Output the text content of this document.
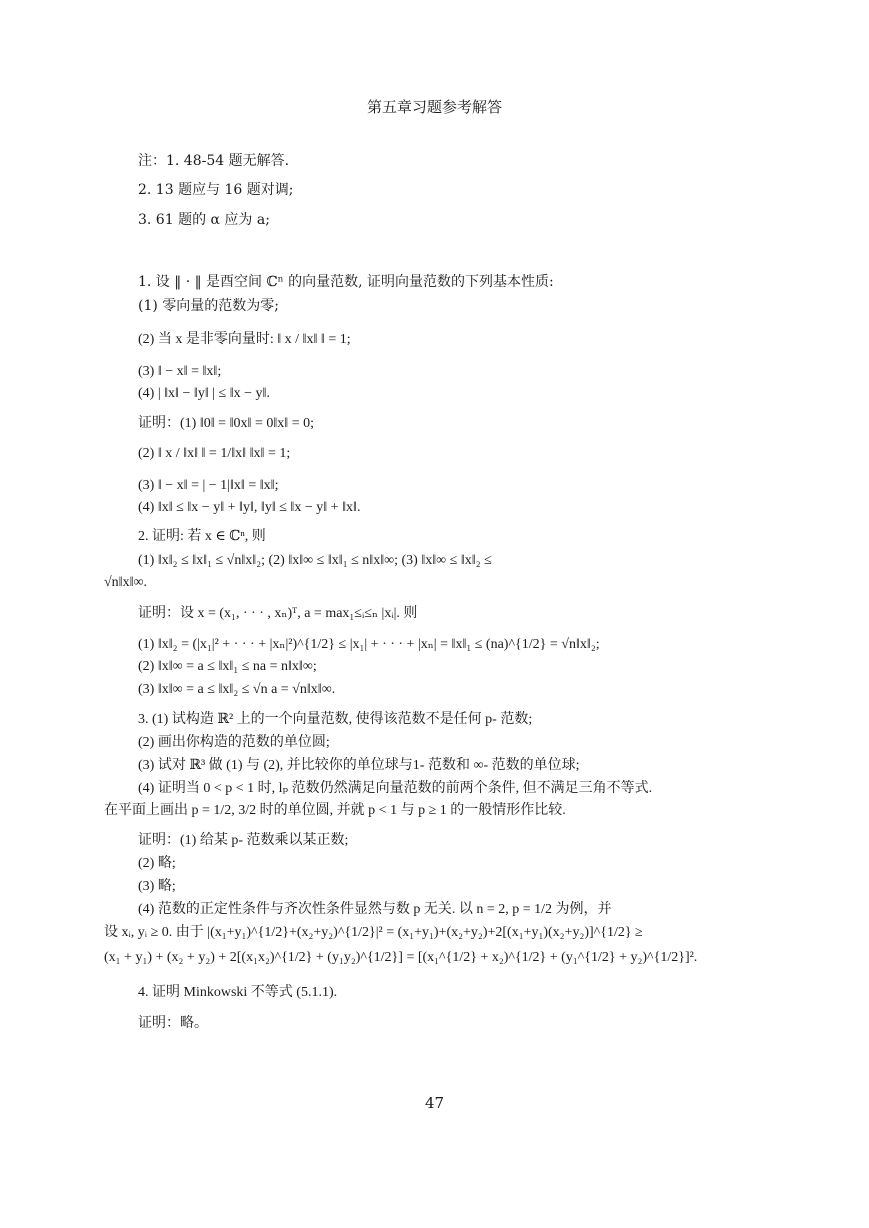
第五章习题参考解答
注：1. 48-54 题无解答.
2. 13 题应与 16 题对调;
3. 61 题的 α 应为 a;
1. 设 ‖ · ‖ 是酉空间 ℂⁿ 的向量范数, 证明向量范数的下列基本性质:
(1) 零向量的范数为零;
(2) 当 x 是非零向量时: ‖ x / ‖x‖ ‖ = 1;
(3) ‖ − x‖ = ‖x‖;
(4) | ‖x‖ − ‖y‖ | ≤ ‖x − y‖.
证明：(1) ‖0‖ = ‖0x‖ = 0‖x‖ = 0;
(2) ‖ x / ‖x‖ ‖ = 1/‖x‖ ‖x‖ = 1;
(3) ‖ − x‖ = | − 1|‖x‖ = ‖x‖;
(4) ‖x‖ ≤ ‖x − y‖ + ‖y‖, ‖y‖ ≤ ‖x − y‖ + ‖x‖.
2. 证明: 若 x ∈ ℂⁿ, 则
(1) ‖x‖₂ ≤ ‖x‖₁ ≤ √n‖x‖₂; (2) ‖x‖∞ ≤ ‖x‖₁ ≤ n‖x‖∞; (3) ‖x‖∞ ≤ ‖x‖₂ ≤
√n‖x‖∞.
证明：设 x = (x₁, · · · , xₙ)ᵀ, a = max₁≤ᵢ≤ₙ |xᵢ|. 则
(1) ‖x‖₂ = (|x₁|² + · · · + |xₙ|²)^{1/2} ≤ |x₁| + · · · + |xₙ| = ‖x‖₁ ≤ (na)^{1/2} = √n‖x‖₂;
(2) ‖x‖∞ = a ≤ ‖x‖₁ ≤ na = n‖x‖∞;
(3) ‖x‖∞ = a ≤ ‖x‖₂ ≤ √n a = √n‖x‖∞.
3. (1) 试构造 ℝ² 上的一个向量范数, 使得该范数不是任何 p- 范数;
(2) 画出你构造的范数的单位圆;
(3) 试对 ℝ³ 做 (1) 与 (2), 并比较你的单位球与1- 范数和 ∞- 范数的单位球;
(4) 证明当 0 < p < 1 时, lₚ 范数仍然满足向量范数的前两个条件, 但不满足三角不等式.
在平面上画出 p = 1/2, 3/2 时的单位圆, 并就 p < 1 与 p ≥ 1 的一般情形作比较.
证明：(1) 给某 p- 范数乘以某正数;
(2) 略;
(3) 略;
(4) 范数的正定性条件与齐次性条件显然与数 p 无关. 以 n = 2, p = 1/2 为例，并
设 xᵢ, yᵢ ≥ 0. 由于 |(x₁+y₁)^{1/2}+(x₂+y₂)^{1/2}|² = (x₁+y₁)+(x₂+y₂)+2[(x₁+y₁)(x₂+y₂)]^{1/2} ≥
(x₁ + y₁) + (x₂ + y₂) + 2[(x₁x₂)^{1/2} + (y₁y₂)^{1/2}] = [(x₁^{1/2} + x₂)^{1/2} + (y₁^{1/2} + y₂)^{1/2}]².
4. 证明 Minkowski 不等式 (5.1.1).
证明：略。
47
